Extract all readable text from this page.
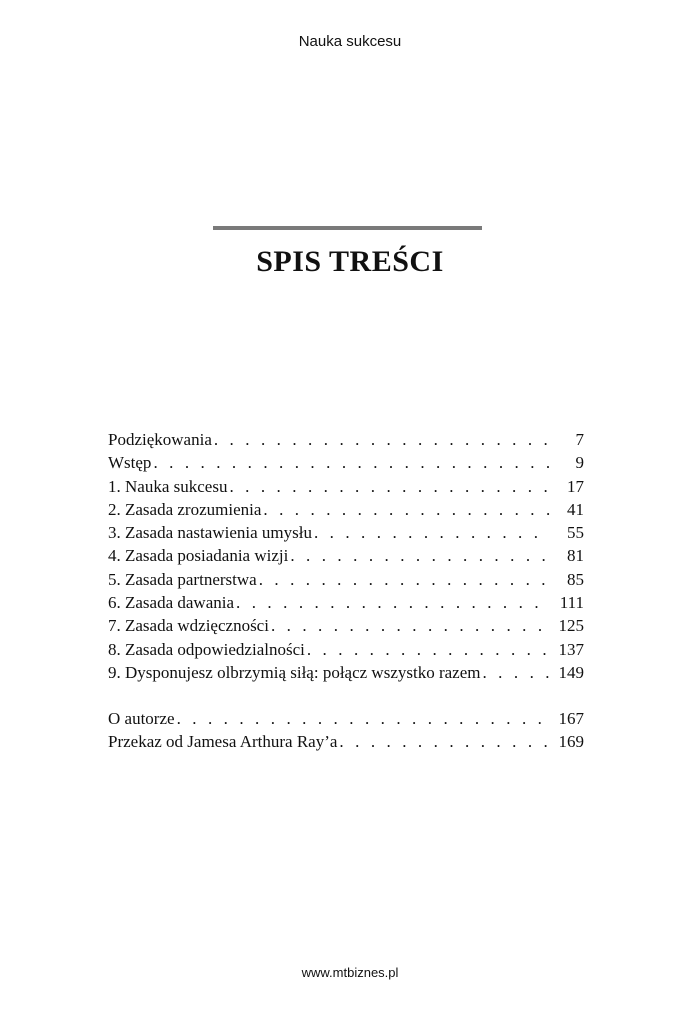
Nauka sukcesu
SPIS TREŚCI
Podziękowania . . .	7
Wstęp . . .	9
1. Nauka sukcesu . . .	17
2. Zasada zrozumienia . . .	41
3. Zasada nastawienia umysłu . . .	55
4. Zasada posiadania wizji . . .	81
5. Zasada partnerstwa . . .	85
6. Zasada dawania . . .	111
7. Zasada wdzięczności . . .	125
8. Zasada odpowiedzialności . . .	137
9. Dysponujesz olbrzymią siłą: połącz wszystko razem . . .	149
O autorze . . .	167
Przekaz od Jamesa Arthura Ray’a . . .	169
www.mtbiznes.pl
